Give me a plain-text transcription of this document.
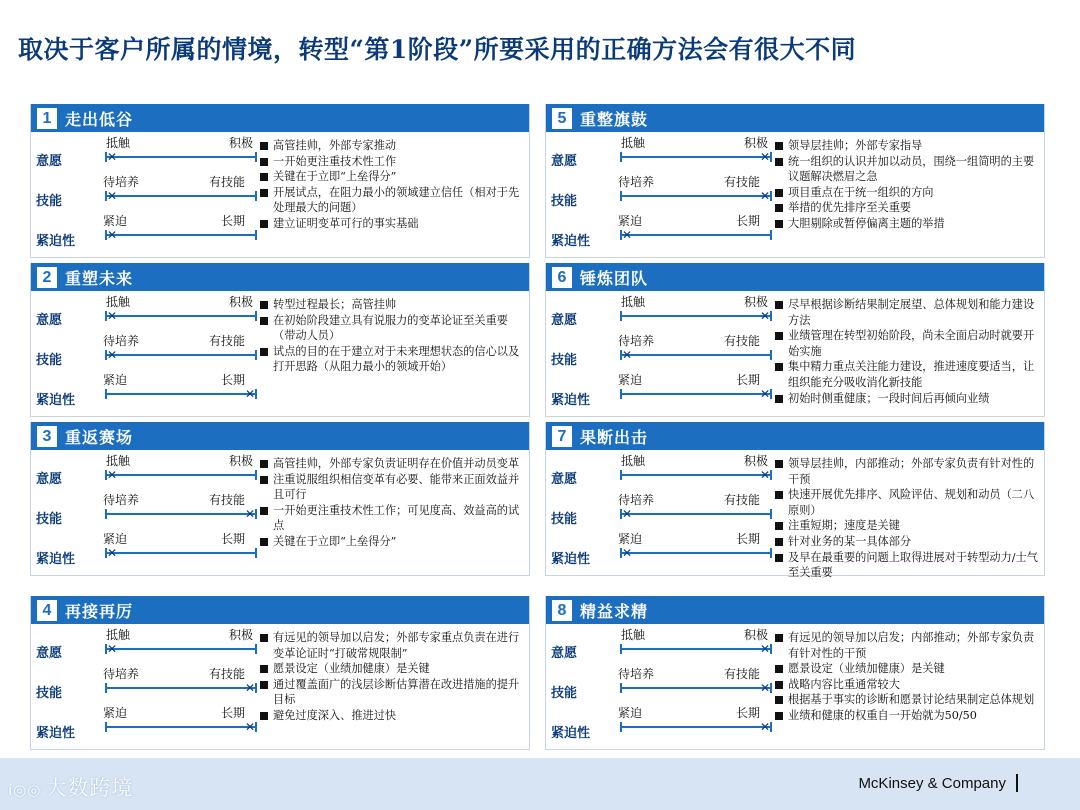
取决于客户所属的情境，转型“第1阶段”所要采用的正确方法会有很大不同
1 走出低谷
意愿
抵触	积极
✕
技能
待培养	有技能
✕
紧迫性
紧迫	长期
✕
高管挂帅，外部专家推动
一开始更注重技术性工作
关键在于立即“上垒得分”
开展试点，在阻力最小的领域建立信任（相对于先处理最大的问题）
建立证明变革可行的事实基础
5 重整旗鼓
意愿
抵触	积极
✕
技能
待培养	有技能
✕
紧迫性
紧迫	长期
✕
领导层挂帅；外部专家指导
统一组织的认识并加以动员，围绕一组简明的主要议题解决燃眉之急
项目重点在于统一组织的方向
举措的优先排序至关重要
大胆剔除或暂停偏离主题的举措
2 重塑未来
意愿
抵触	积极
✕
技能
待培养	有技能
✕
紧迫性
紧迫	长期
✕
转型过程最长；高管挂帅
在初始阶段建立具有说服力的变革论证至关重要（带动人员）
试点的目的在于建立对于未来理想状态的信心以及打开思路（从阻力最小的领域开始）
6 锤炼团队
意愿
抵触	积极
✕
技能
待培养	有技能
✕
紧迫性
紧迫	长期
✕
尽早根据诊断结果制定展望、总体规划和能力建设方法
业绩管理在转型初始阶段，尚未全面启动时就要开始实施
集中精力重点关注能力建设，推进速度要适当，让组织能充分吸收消化新技能
初始时侧重健康；一段时间后再倾向业绩
3 重返赛场
意愿
抵触	积极
✕
技能
待培养	有技能
✕
紧迫性
紧迫	长期
✕
高管挂帅，外部专家负责证明存在价值并动员变革
注重说服组织相信变革有必要、能带来正面效益并且可行
一开始更注重技术性工作；可见度高、效益高的试点
关键在于立即“上垒得分”
7 果断出击
意愿
抵触	积极
✕
技能
待培养	有技能
✕
紧迫性
紧迫	长期
✕
领导层挂帅，内部推动；外部专家负责有针对性的干预
快速开展优先排序、风险评估、规划和动员（二八原则）
注重短期；速度是关键
针对业务的某一具体部分
及早在最重要的问题上取得进展对于转型动力/士气至关重要
4 再接再厉
意愿
抵触	积极
✕
技能
待培养	有技能
✕
紧迫性
紧迫	长期
✕
有远见的领导加以启发；外部专家重点负责在进行变革论证时“打破常规限制”
愿景设定（业绩加健康）是关键
通过覆盖面广的浅层诊断估算潜在改进措施的提升目标
避免过度深入、推进过快
8 精益求精
意愿
抵触	积极
✕
技能
待培养	有技能
✕
紧迫性
紧迫	长期
✕
有远见的领导加以启发；内部推动；外部专家负责有针对性的干预
愿景设定（业绩加健康）是关键
战略内容比重通常较大
根据基于事实的诊断和愿景讨论结果制定总体规划
业绩和健康的权重自一开始就为50/50
i◎◎ 大数跨境	McKinsey & Company
